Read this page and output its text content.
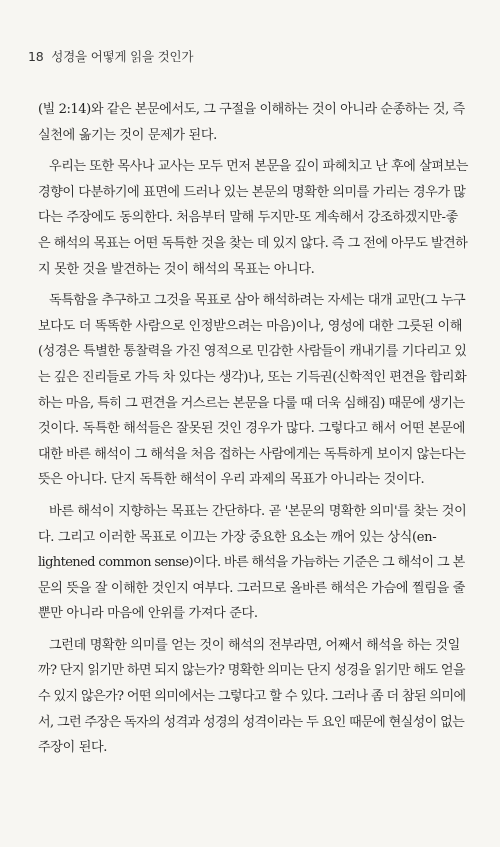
18 성경을 어떻게 읽을 것인가
(빌 2:14)와 같은 본문에서도, 그 구절을 이해하는 것이 아니라 순종하는 것, 즉
실천에 옮기는 것이 문제가 된다.
우리는 또한 목사나 교사는 모두 먼저 본문을 깊이 파헤치고 난 후에 살펴보는
경향이 다분하기에 표면에 드러나 있는 본문의 명확한 의미를 가리는 경우가 많
다는 주장에도 동의한다. 처음부터 말해 두지만-또 계속해서 강조하겠지만-좋
은 해석의 목표는 어떤 독특한 것을 찾는 데 있지 않다. 즉 그 전에 아무도 발견하
지 못한 것을 발견하는 것이 해석의 목표는 아니다.
독특함을 추구하고 그것을 목표로 삼아 해석하려는 자세는 대개 교만(그 누구
보다도 더 똑똑한 사람으로 인정받으려는 마음)이나, 영성에 대한 그릇된 이해
(성경은 특별한 통찰력을 가진 영적으로 민감한 사람들이 캐내기를 기다리고 있
는 깊은 진리들로 가득 차 있다는 생각)나, 또는 기득권(신학적인 편견을 합리화
하는 마음, 특히 그 편견을 거스르는 본문을 다룰 때 더욱 심해짐) 때문에 생기는
것이다. 독특한 해석들은 잘못된 것인 경우가 많다. 그렇다고 해서 어떤 본문에
대한 바른 해석이 그 해석을 처음 접하는 사람에게는 독특하게 보이지 않는다는
뜻은 아니다. 단지 독특한 해석이 우리 과제의 목표가 아니라는 것이다.
바른 해석이 지향하는 목표는 간단하다. 곧 '본문의 명확한 의미'를 찾는 것이
다. 그리고 이러한 목표로 이끄는 가장 중요한 요소는 깨어 있는 상식(en-
lightened common sense)이다. 바른 해석을 가늠하는 기준은 그 해석이 그 본
문의 뜻을 잘 이해한 것인지 여부다. 그러므로 올바른 해석은 가슴에 찔림을 줄
뿐만 아니라 마음에 안위를 가져다 준다.
그런데 명확한 의미를 얻는 것이 해석의 전부라면, 어째서 해석을 하는 것일
까? 단지 읽기만 하면 되지 않는가? 명확한 의미는 단지 성경을 읽기만 해도 얻을
수 있지 않은가? 어떤 의미에서는 그렇다고 할 수 있다. 그러나 좀 더 참된 의미에
서, 그런 주장은 독자의 성격과 성경의 성격이라는 두 요인 때문에 현실성이 없는
주장이 된다.
